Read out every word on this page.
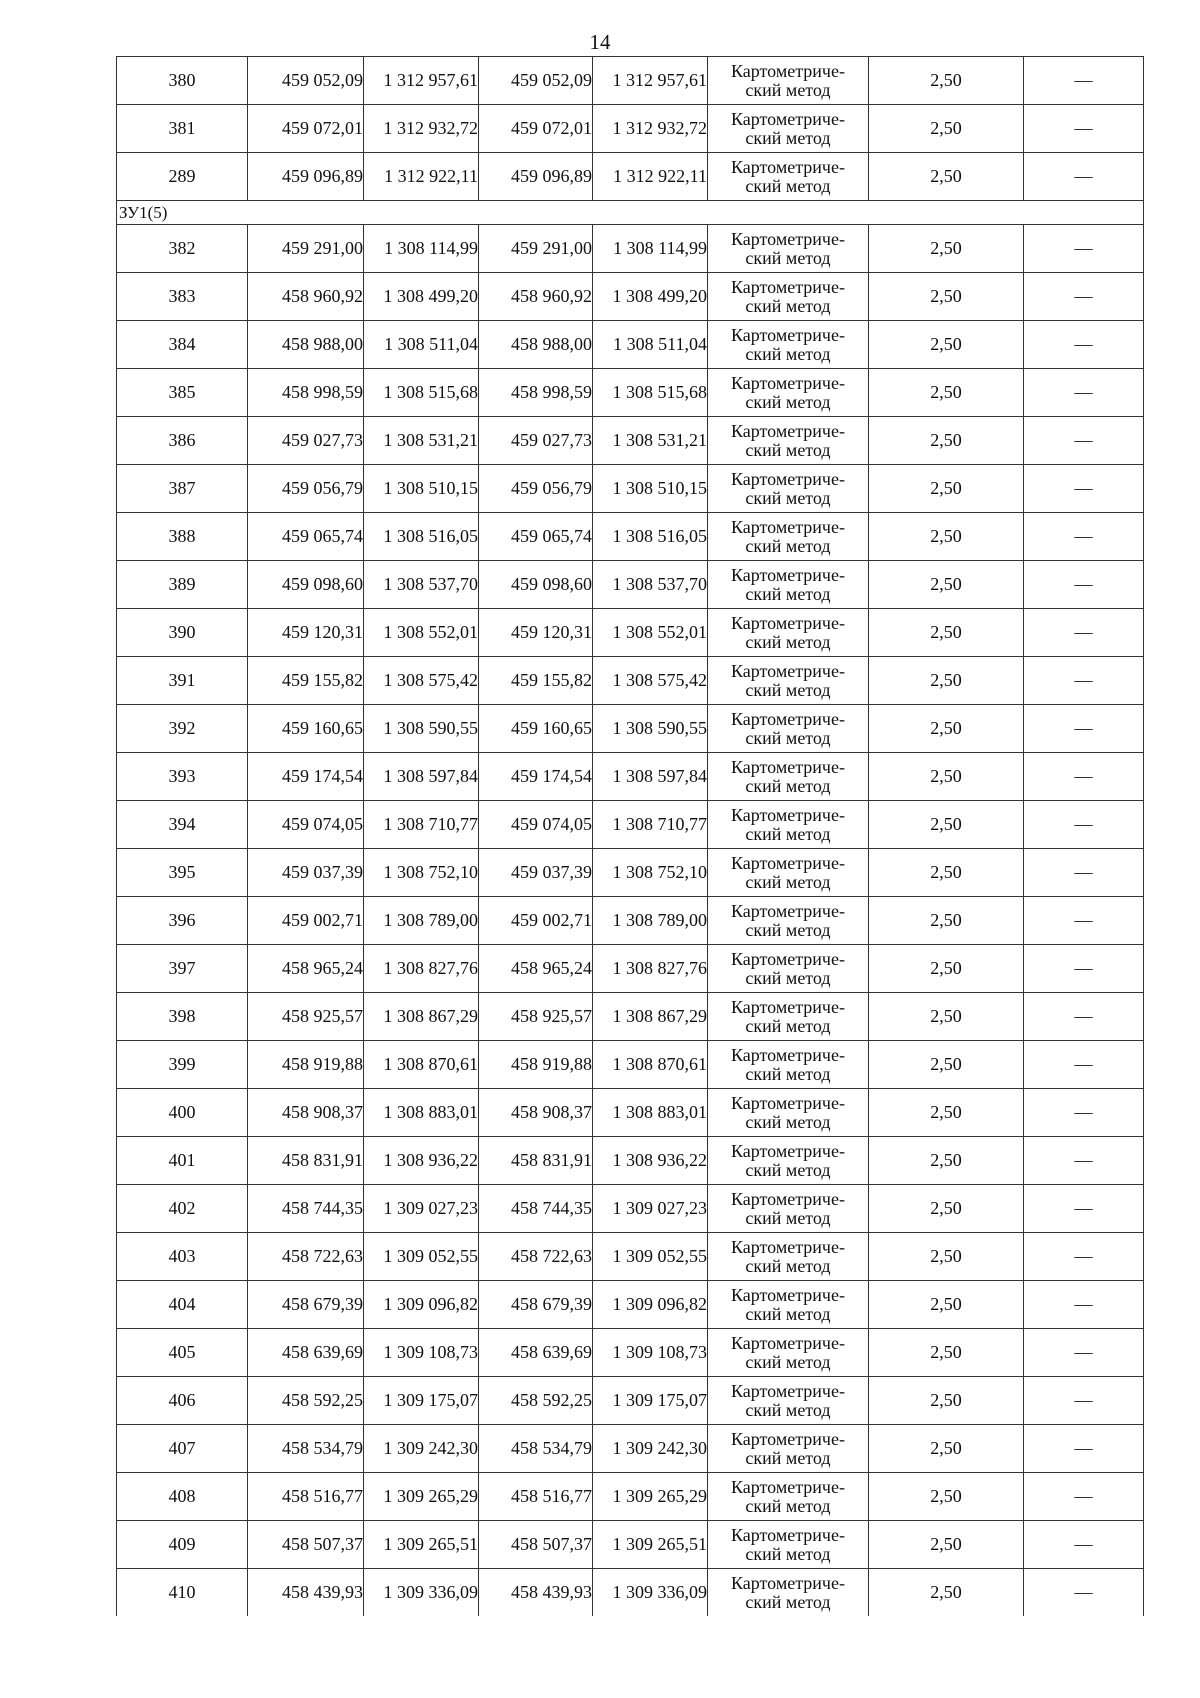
14
380	459 052,09	1 312 957,61	459 052,09	1 312 957,61	Картометриче-
ский метод	2,50	—
381	459 072,01	1 312 932,72	459 072,01	1 312 932,72	Картометриче-
ский метод	2,50	—
289	459 096,89	1 312 922,11	459 096,89	1 312 922,11	Картометриче-
ский метод	2,50	—
ЗУ1(5)							
382	459 291,00	1 308 114,99	459 291,00	1 308 114,99	Картометриче-
ский метод	2,50	—
383	458 960,92	1 308 499,20	458 960,92	1 308 499,20	Картометриче-
ский метод	2,50	—
384	458 988,00	1 308 511,04	458 988,00	1 308 511,04	Картометриче-
ский метод	2,50	—
385	458 998,59	1 308 515,68	458 998,59	1 308 515,68	Картометриче-
ский метод	2,50	—
386	459 027,73	1 308 531,21	459 027,73	1 308 531,21	Картометриче-
ский метод	2,50	—
387	459 056,79	1 308 510,15	459 056,79	1 308 510,15	Картометриче-
ский метод	2,50	—
388	459 065,74	1 308 516,05	459 065,74	1 308 516,05	Картометриче-
ский метод	2,50	—
389	459 098,60	1 308 537,70	459 098,60	1 308 537,70	Картометриче-
ский метод	2,50	—
390	459 120,31	1 308 552,01	459 120,31	1 308 552,01	Картометриче-
ский метод	2,50	—
391	459 155,82	1 308 575,42	459 155,82	1 308 575,42	Картометриче-
ский метод	2,50	—
392	459 160,65	1 308 590,55	459 160,65	1 308 590,55	Картометриче-
ский метод	2,50	—
393	459 174,54	1 308 597,84	459 174,54	1 308 597,84	Картометриче-
ский метод	2,50	—
394	459 074,05	1 308 710,77	459 074,05	1 308 710,77	Картометриче-
ский метод	2,50	—
395	459 037,39	1 308 752,10	459 037,39	1 308 752,10	Картометриче-
ский метод	2,50	—
396	459 002,71	1 308 789,00	459 002,71	1 308 789,00	Картометриче-
ский метод	2,50	—
397	458 965,24	1 308 827,76	458 965,24	1 308 827,76	Картометриче-
ский метод	2,50	—
398	458 925,57	1 308 867,29	458 925,57	1 308 867,29	Картометриче-
ский метод	2,50	—
399	458 919,88	1 308 870,61	458 919,88	1 308 870,61	Картометриче-
ский метод	2,50	—
400	458 908,37	1 308 883,01	458 908,37	1 308 883,01	Картометриче-
ский метод	2,50	—
401	458 831,91	1 308 936,22	458 831,91	1 308 936,22	Картометриче-
ский метод	2,50	—
402	458 744,35	1 309 027,23	458 744,35	1 309 027,23	Картометриче-
ский метод	2,50	—
403	458 722,63	1 309 052,55	458 722,63	1 309 052,55	Картометриче-
ский метод	2,50	—
404	458 679,39	1 309 096,82	458 679,39	1 309 096,82	Картометриче-
ский метод	2,50	—
405	458 639,69	1 309 108,73	458 639,69	1 309 108,73	Картометриче-
ский метод	2,50	—
406	458 592,25	1 309 175,07	458 592,25	1 309 175,07	Картометриче-
ский метод	2,50	—
407	458 534,79	1 309 242,30	458 534,79	1 309 242,30	Картометриче-
ский метод	2,50	—
408	458 516,77	1 309 265,29	458 516,77	1 309 265,29	Картометриче-
ский метод	2,50	—
409	458 507,37	1 309 265,51	458 507,37	1 309 265,51	Картометриче-
ский метод	2,50	—
410	458 439,93	1 309 336,09	458 439,93	1 309 336,09	Картометриче-
ский метод	2,50	—
